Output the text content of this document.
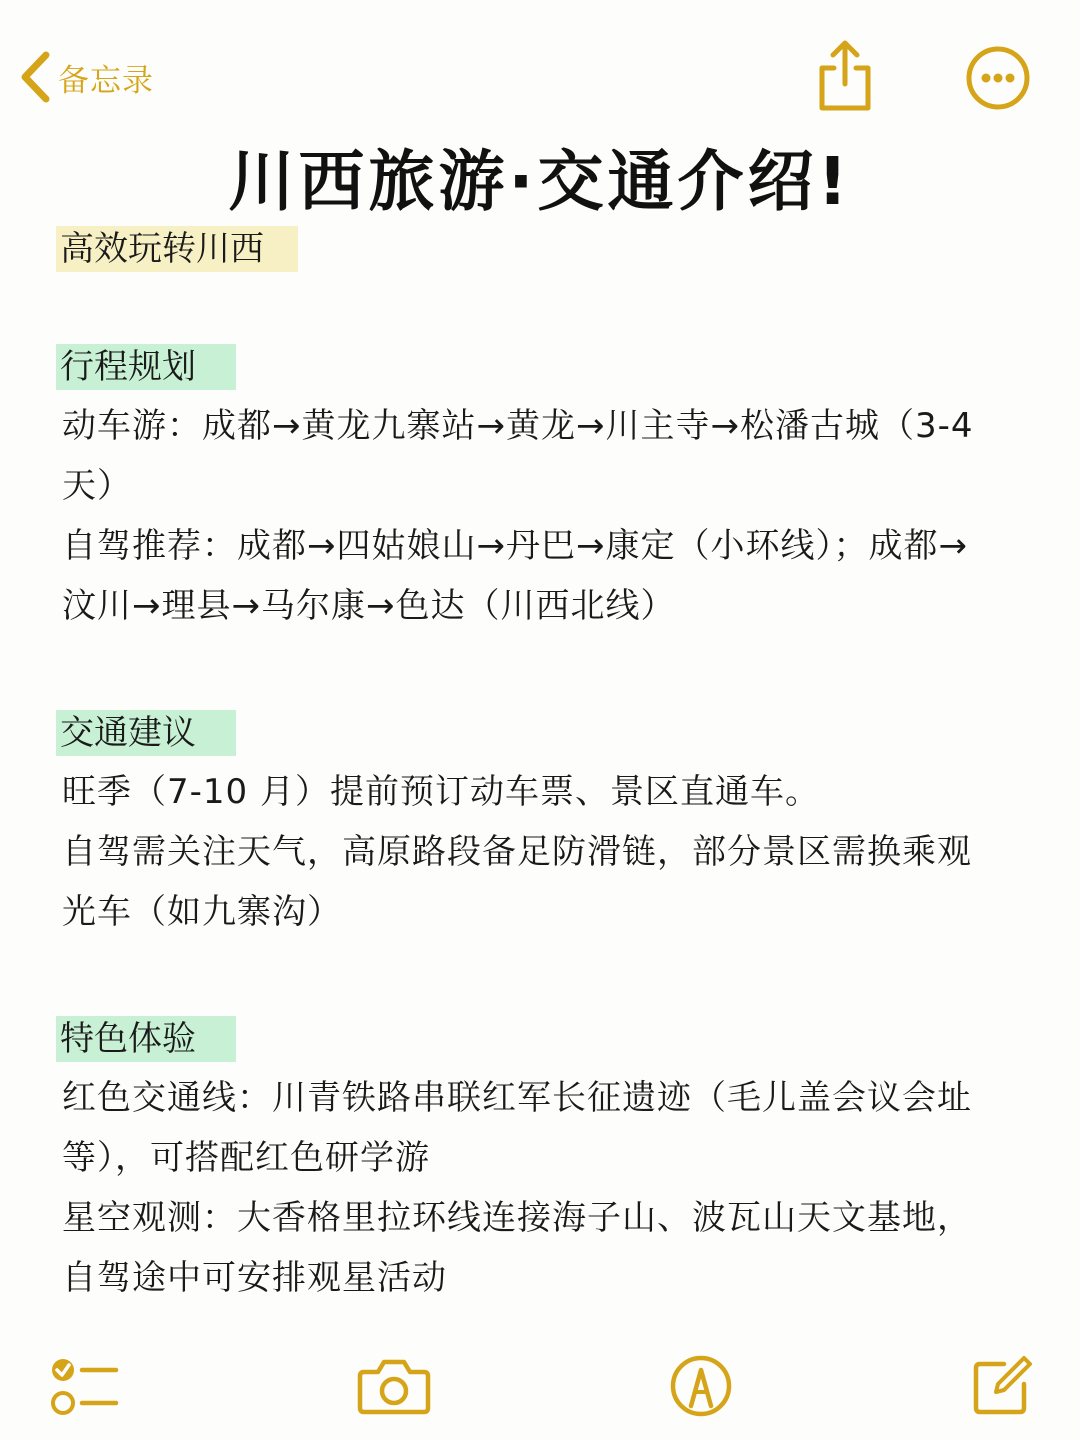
备忘录
川西旅游·交通介绍!
高效玩转川西
行程规划

动车游：成都→黄龙九寨站→黄龙→川主寺→松潘古城（3-4 天）

自驾推荐：成都→四姑娘山→丹巴→康定（小环线）；成都→汶川→理县→马尔康→色达（川西北线）

交通建议

旺季（7-10 月）提前预订动车票、景区直通车。

自驾需关注天气，高原路段备足防滑链，部分景区需换乘观光车（如九寨沟）

特色体验

红色交通线：川青铁路串联红军长征遗迹（毛儿盖会议会址等），可搭配红色研学游

星空观测：大香格里拉环线连接海子山、波瓦山天文基地，自驾途中可安排观星活动
